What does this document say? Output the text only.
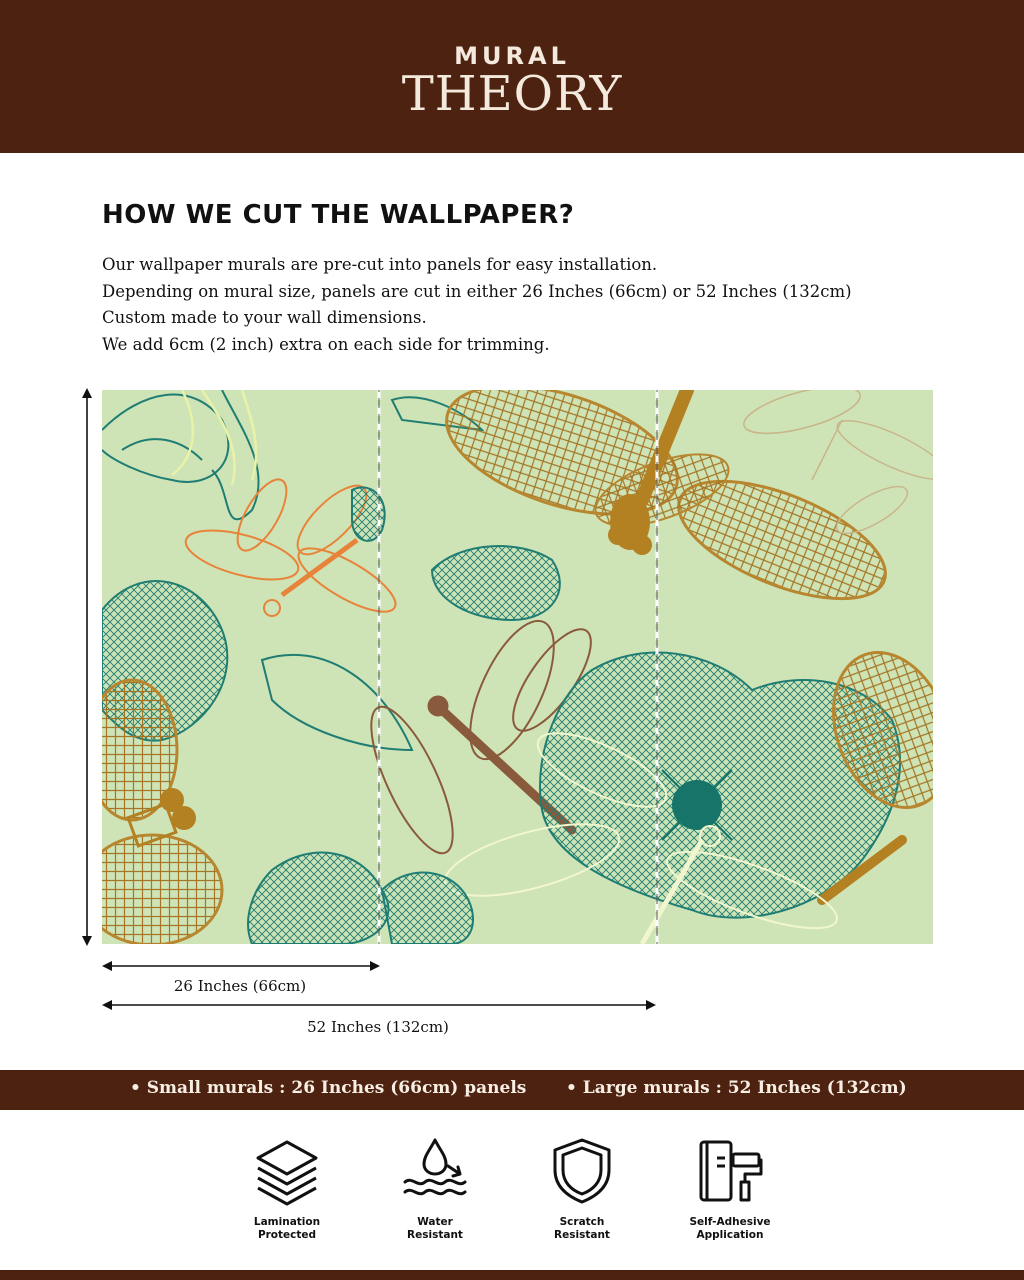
MURAL
THEORY
HOW WE CUT THE WALLPAPER?
Our wallpaper murals are pre-cut into panels for easy installation.
Depending on mural size, panels are cut in either 26 Inches (66cm) or 52 Inches (132cm)
Custom made to your wall dimensions.
We add 6cm (2 inch) extra on each side for trimming.
26 Inches (66cm)
52 Inches (132cm)
• Small murals : 26 Inches (66cm) panels • Large murals : 52 Inches (132cm)
Lamination
Protected
Water
Resistant
Scratch
Resistant
Self-Adhesive
Application
